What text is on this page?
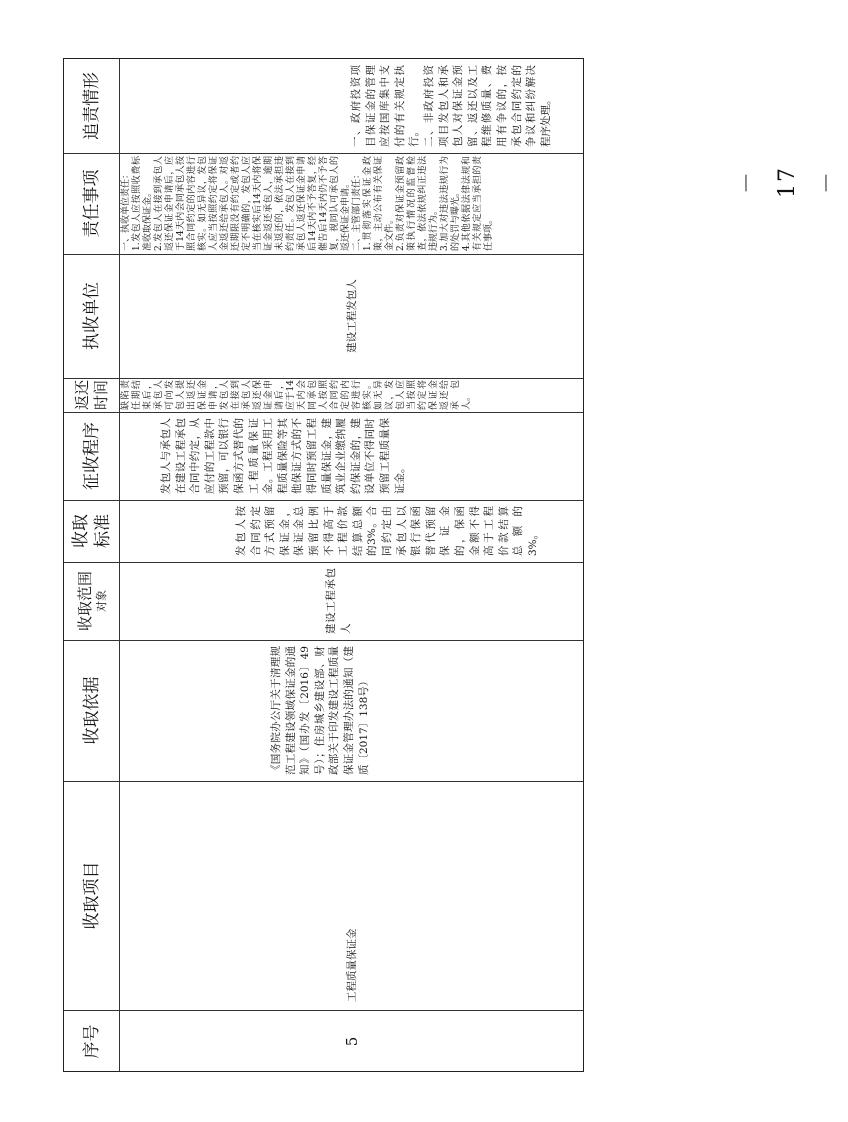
－ 17 －
序号
收取项目
收取依据
收取范围 对象
收取标准
征收程序
返还时间
执收单位
责任事项
追责情形
5
工程质量保证金
《国务院办公厅关于清理规范工程建设领域保证金的通知》（国办发〔2016〕49号）；住房城乡建设部、财政部关于印发建设工程质量保证金管理办法的通知（建质〔2017〕138号）
建设工程承包人
发包人按合同约定方式预留保证金，保证金总预留比例不得高于工程价款结算总额的3%。合同约定由承包人以银行保函替代预留保证金的，保函金额不得高于工程价款结算总额的3%。
发包人与承包人在建设工程承包合同中约定，从应付的工程款中预留，可以银行保函方式替代的工程质量保证金。工程采用工程质量保险等其他保证方式的不得同时预留工程质量保证金，建筑业企业缴纳履约保证金的，建设单位不得同时预留工程质量保证金。
缺陷责任期结束后，承包人可向发包人提出返还保证金申请，发包人在接到承包人返还保证金申请后，应于14天内会同承包人按照合同约定的内容进行核实。如无异议，发包人应当按照约定将保证金返还给承包人。
建设工程发包人
一、执收单位责任：
1.发包人应按照收费标准收取保证金。
2.发包人在接到承包人返还保证金申请后，应于14天内会同承包人按照合同约定的内容进行核实。如无异议，发包人应当按照约定将保证金返还给承包人。对返还期限没有约定或者约定不明确的，发包人应当在核实后14天内将保证金返还承包人，逾期未返还的，依法承担违约责任。发包人在接到承包人返还保证金申请后14天内不予答复，经催告后14天内仍不予答复，视同认可承包人的返还保证金申请。
二、主管部门责任：
1.贯彻落实保证金政策，主动公布有关保证金文件。
2.负责对保证金预留政策执行情况的监督检查，依法依规纠正违法违规行为。
3.加大对违法违规行为的处罚与曝光。
4.其他依据法律法规和有关规定应当承担的责任事项。
一、政府投资项目保证金的管理应按国库集中支付的有关规定执行。
二、非政府投资项目发包人和承包人对保证金预留、返还以及工程维修质量、费用有争议的，按承包合同约定的争议和纠纷解决程序处理。
